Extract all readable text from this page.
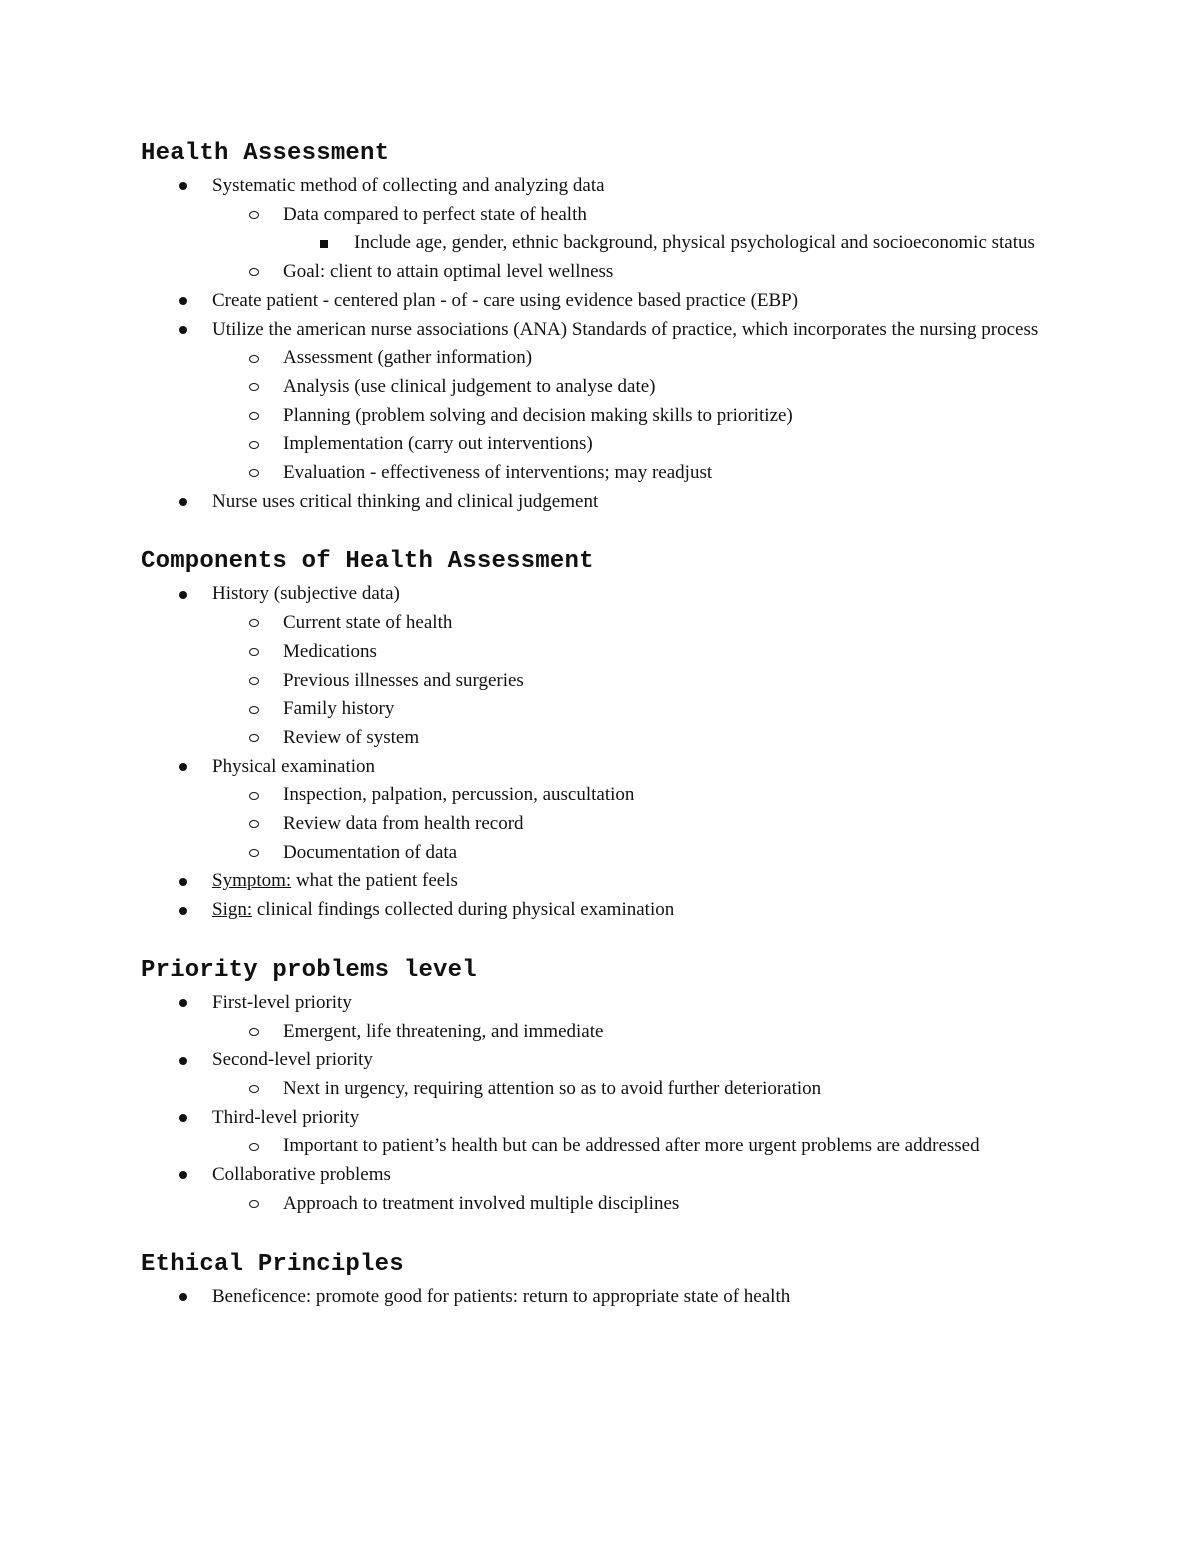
Health Assessment
Systematic method of collecting and analyzing data
Data compared to perfect state of health
Include age, gender, ethnic background, physical psychological and socioeconomic status
Goal: client to attain optimal level wellness
Create patient - centered plan - of - care using evidence based practice (EBP)
Utilize the american nurse associations (ANA) Standards of practice, which incorporates the nursing process
Assessment (gather information)
Analysis (use clinical judgement to analyse date)
Planning (problem solving and decision making skills to prioritize)
Implementation (carry out interventions)
Evaluation - effectiveness of interventions; may readjust
Nurse uses critical thinking and clinical judgement
Components of Health Assessment
History (subjective data)
Current state of health
Medications
Previous illnesses and surgeries
Family history
Review of system
Physical examination
Inspection, palpation, percussion, auscultation
Review data from health record
Documentation of data
Symptom: what the patient feels
Sign: clinical findings collected during physical examination
Priority problems level
First-level priority
Emergent, life threatening, and immediate
Second-level priority
Next in urgency, requiring attention so as to avoid further deterioration
Third-level priority
Important to patient’s health but can be addressed after more urgent problems are addressed
Collaborative problems
Approach to treatment involved multiple disciplines
Ethical Principles
Beneficence: promote good for patients: return to appropriate state of health
